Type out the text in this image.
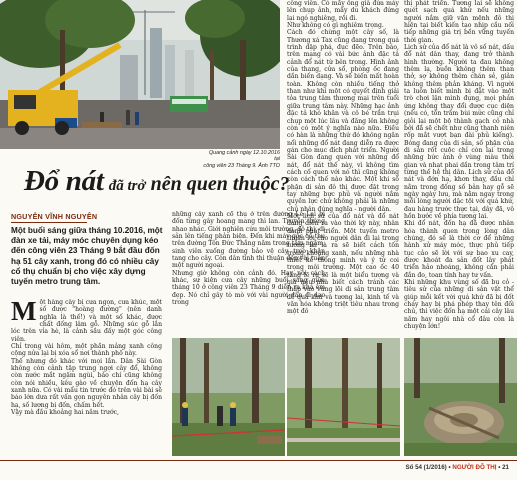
Quang cảnh ngày 12.10.2016 tại
công viên 23 Tháng 9. Ảnh TTO
Đổ nát đã trở nên quen thuộc?
NGUYỄN VĨNH NGUYÊN
Một buổi sáng giữa tháng 10.2016, một đàn xe tải, máy móc chuyên dụng kéo đến công viên 23 Tháng 9 bắt đầu đốn hạ 51 cây xanh, trong đó có nhiều cây cổ thụ chuẩn bị cho việc xây dựng tuyến metro trung tâm.

Một hàng cây bị cưa ngọn, cưa khúc, một số được "hoàng đường" (nên danh nghĩa là thế!) và một số khác, được chất đống lâm gỗ. Những súc gỗ lăn lóc trên vỉa hè, là cảnh sầu đấy một góc công viên.

Chỉ trong vài hôm, một phần mảng xanh công cộng nửa lại bị xóa sổ nơi thành phố này.

Thế nhưng đó khác với mọi lần. Dân Sài Gòn không còn cảnh tập trung ngợi cây đổ, không còn nước mắt ngậm ngùi, bảo chí cũng không còn nói nhiều, kêu gào về chuyện đốn hạ cây xanh nữa. Có vài mẩu tin trước đó trên vài bài sẽ báo lớn dưa rất vấn gọn nguyên nhân cây bị đốn hạ, số lượng bị đốn, chấm hết.

Vậy mà đầu khoảng hai năm trước,

những cây xanh cổ thụ ở trên đường Lê Lai bị đốn từng gây hoang mang thì lan. Truyền thông nhao nhác. Giới nghiên cứu môi trường, đô thị, di sản lên tiếng phản biện. Đến khi máy gốc cổ thụ trên đường Tôn Đức Thắng năm trong tầm ngắm, sinh viên xuống đường bảo vệ cây, treo khăn tang cho cây. Còn dân tình thì thuận đến vài tuần một người ngoại.

Nhưng giờ không còn cảnh đó. Hay nói cách khác, sự kiện cưa cây những buổi sáng giữa tháng 10 ở công viên 23 Tháng 9 diễn ra khá êm đẹp. Nó chỉ gây tò mò với vài người dân đi dạo trong

công viên. Có mấy ông già đứa máy lên chụp ảnh, mấy du khách đứng lại ngó nghiêng, rồi đi.

Như không có gì nghiêm trọng.

Cách đó chừng một cây số, là Thương xá Tax cũng đang trong quá trình dập phá, đục đẽo. Trên báo, trên mạng có vài bức ảnh đặc tả cảnh đổ nát từ bên trong. Hình ảnh của thang, cửa sổ, phòng ốc đang dần biến dạng. Và sẽ biến mất hoàn toàn. Không còn nhiều tiếng thở than như khi một có quyết định giải tỏa trung tâm thương mại trên tuổi giữa trung tâm này. Những hạc ảnh đặc tả khó khăn và cô bé trần trụi chụp một lúc lâu và đăng lên không còn có một ý nghĩa nào nữa. Điều có hàn là những thứ đó không ngăn nổi những đổ nát đang diễn ra được gán cho mục đích phát triển. Người Sài Gòn đang quen với những đổ nát, đổ nát thế này, vì không tìm cách cố quen với nó thì cũng không còn cách thế nào khác. Một khi số phận di sản đô thị được đặt trong tay những bực phủ và người nắm quyền lực chứ không phải là những chủ nhân đúng nghĩa - người dân.

Một lịch sử của đổ nát và đổ nát đang diễn ra vào thời kỳ này, nhân danh phát triển. Một tuyến metro thuận lợi cho người dân đi lại trong tương lai là ra sẽ biết cách tốn trong khoảng xanh, nếu những nhà thiết kế thông minh và ý tứ coi trọng môi trường. Một cao ốc 40 tầng lẽ ra sẽ là một biểu tượng và giá nếu nhà biết cách tránh các thấp vào vùng lõi di sản trung tâm để quá khứ và tương lai, kinh tế và văn hóa không triệt tiêu nhau trong một đô

thị phát triển. Tương lai sẽ không quét sạch quá khứ nếu những người nắm giữ vận mệnh đô thị hiện tại biết kiến tạo nhịp cầu nối tiếp những giá trị bền vững tuyến thời gian.

Lịch sử của đổ nát là vô số nát, dấu đổ nát dân thay, đang trở thành hình thường. Người ta đau không thêm lạ, buồn không thêm than thở, sợ không thêm chán sẻ, giản không thêm phản kháng. Vì người ta luôn biết mình bị đặt vào một trò chơi lặn mình đụng, mọi phản ứng không thay đổi được cục diện (nếu có, tốn trăm bùi mức cũng chỉ giỏi lại một bộ thành gạch cỏ nhà bởi đã sẽ chết như cũng thanh niên rốp mắt vượt bạn đài phủ kiếng). Bóng đang của di sản, số phận của di sản rốt cuộc chỉ còn lại trong những bức ảnh ở vùng màu thời gian và nhạt phai dần trong tâm trí từng thế hệ thị dân. Lịch sử của đổ nát và đớn hạ, khơn thay, đầu chỉ nằm trong đống số bản hay gỗ sẽ ngày ngày lưu, mà nằm ngay trong mỗi lòng người dặc tội với quá khứ, đau hàng trước thực tại, dây đã, vô hồn bước về phía tương lai.

Khi đổ nát, đốn hạ đã được nhân hóa thành quen trong lòng dân chúng, đó sẽ là thời cơ để những hành xử máy móc, thực phủ tiếp tục cảo sẽ lời với sự bao xu cay, được khoát đa sản đốt lây phát triển hảo nhoáng, không cần phải đắn đo, toan tính hay tư vấn.

Khi những khu vùng số đã bụ cỏ - tiêu sử của những di sản vật thể giúp mỗi kết với quá khứ đã bị đốt cháy hay bị phá phép thay tên đối chủ, thì việc đốn hạ một cái cây lâu năm hay ngôi nhà cổ đâu còn là chuyện lớn!

Số 54 (1/2016) • NGƯỜI ĐÔ THỊ • 21
